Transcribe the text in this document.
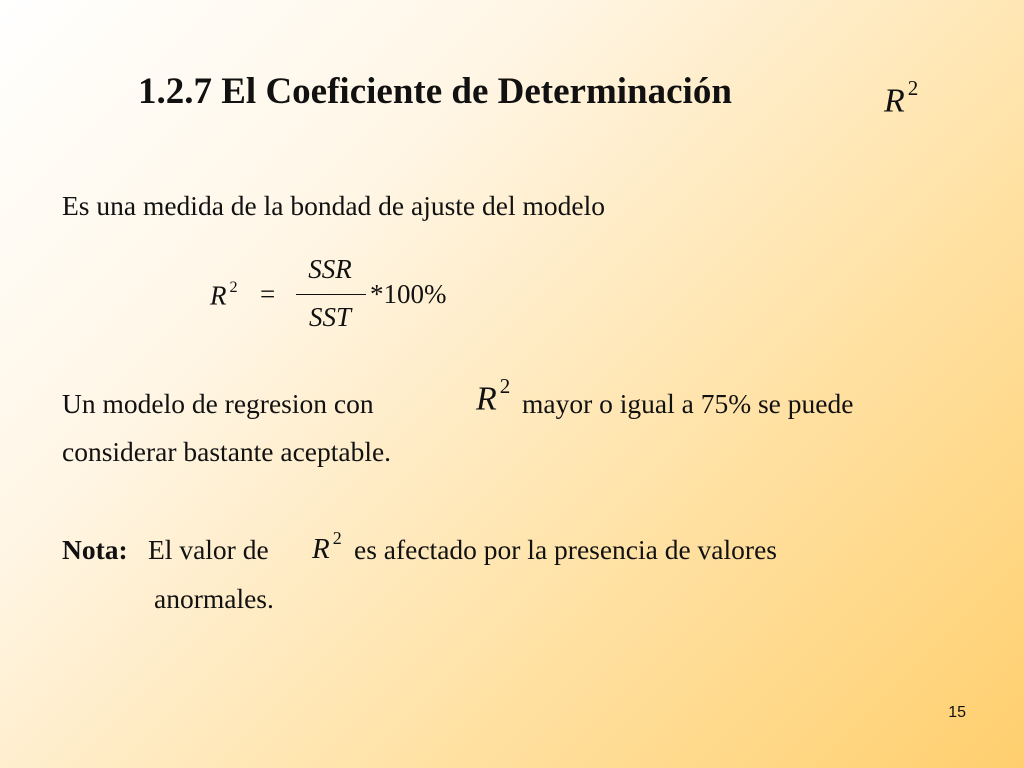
1.2.7 El Coeficiente de Determinación	R $^2$
Es una medida de la bondad de ajuste del modelo
R $^2$ =
SSR
SST
*100%
Un modelo de regresion con	R $^2$
mayor o igual a 75% se puede
considerar bastante aceptable.
Nota: El valor de R $^2$ es afectado por la presencia de valores
anormales.
15
